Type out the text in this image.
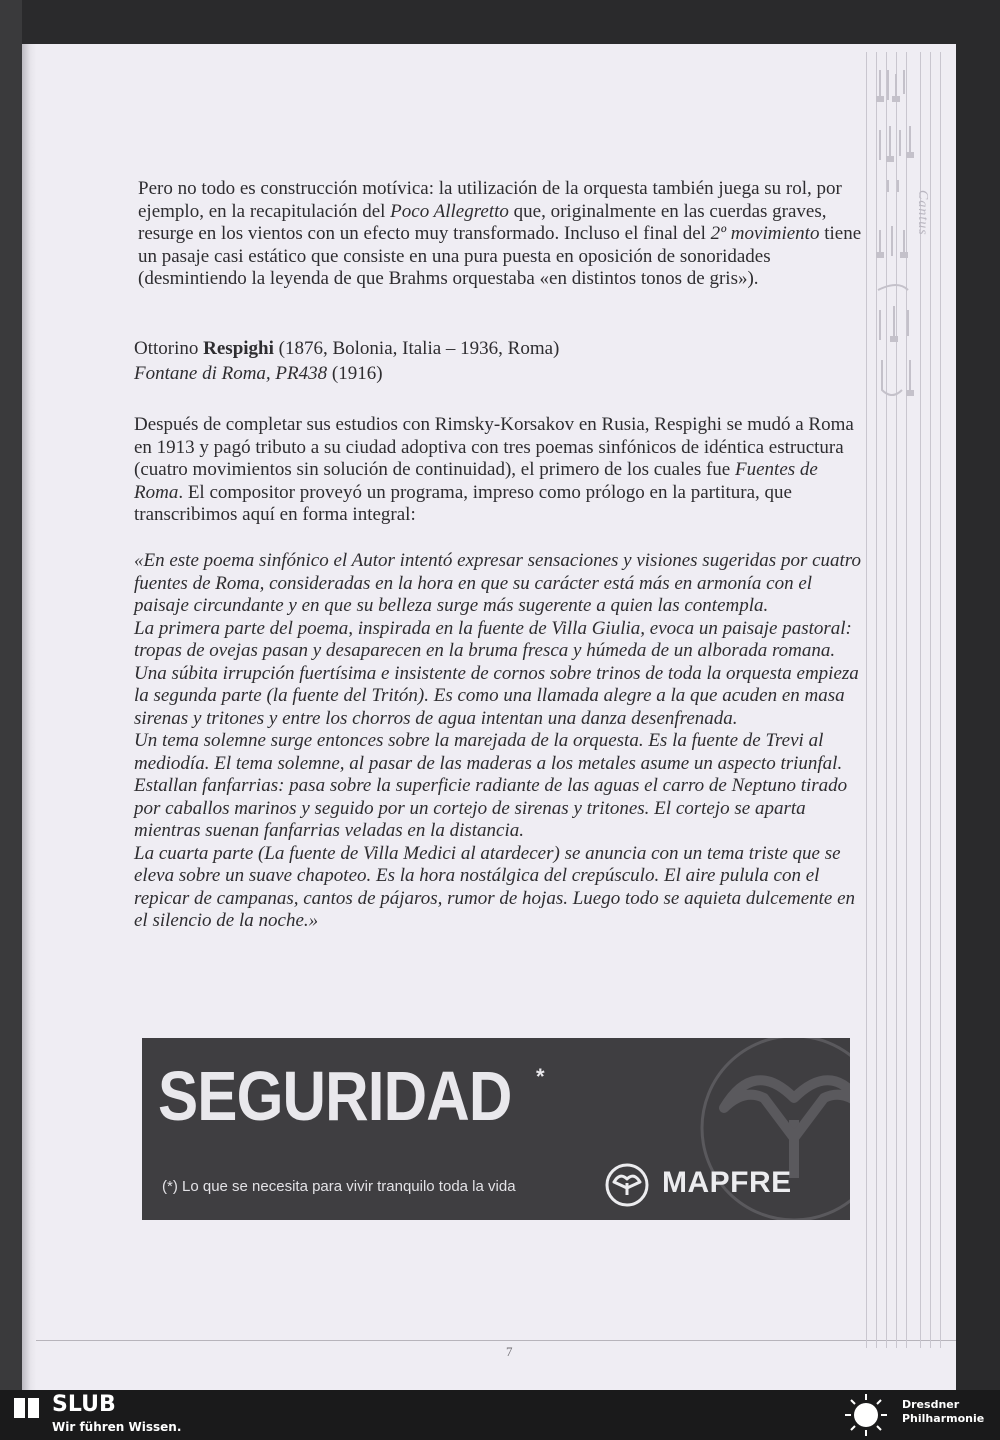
Cantus

Pero no todo es construcción motívica: la utilización de la orquesta también juega su rol, por ejemplo, en la recapitulación del Poco Allegretto que, originalmente en las cuerdas graves, resurge en los vientos con un efecto muy transformado. Incluso el final del 2º movimiento tiene un pasaje casi estático que consiste en una pura puesta en oposición de sonoridades (desmintiendo la leyenda de que Brahms orquestaba «en distintos tonos de gris»).

Ottorino Respighi (1876, Bolonia, Italia – 1936, Roma)
Fontane di Roma, PR438 (1916)

Después de completar sus estudios con Rimsky-Korsakov en Rusia, Respighi se mudó a Roma en 1913 y pagó tributo a su ciudad adoptiva con tres poemas sinfónicos de idéntica estructura (cuatro movimientos sin solución de continuidad), el primero de los cuales fue Fuentes de Roma. El compositor proveyó un programa, impreso como prólogo en la partitura, que transcribimos aquí en forma integral:

«En este poema sinfónico el Autor intentó expresar sensaciones y visiones sugeridas por cuatro fuentes de Roma, consideradas en la hora en que su carácter está más en armonía con el paisaje circundante y en que su belleza surge más sugerente a quien las contempla.

La primera parte del poema, inspirada en la fuente de Villa Giulia, evoca un paisaje pastoral: tropas de ovejas pasan y desaparecen en la bruma fresca y húmeda de un alborada romana.

Una súbita irrupción fuertísima e insistente de cornos sobre trinos de toda la orquesta empieza la segunda parte (la fuente del Tritón). Es como una llamada alegre a la que acuden en masa sirenas y tritones y entre los chorros de agua intentan una danza desenfrenada.

Un tema solemne surge entonces sobre la marejada de la orquesta. Es la fuente de Trevi al mediodía. El tema solemne, al pasar de las maderas a los metales asume un aspecto triunfal. Estallan fanfarrias: pasa sobre la superficie radiante de las aguas el carro de Neptuno tirado por caballos marinos y seguido por un cortejo de sirenas y tritones. El cortejo se aparta mientras suenan fanfarrias veladas en la distancia.

La cuarta parte (La fuente de Villa Medici al atardecer) se anuncia con un tema triste que se eleva sobre un suave chapoteo. Es la hora nostálgica del crepúsculo. El aire pulula con el repicar de campanas, cantos de pájaros, rumor de hojas. Luego todo se aquieta dulcemente en el silencio de la noche.»

SEGURIDAD *
(*) Lo que se necesita para vivir tranquilo toda la vida	MAPFRE
7
SLUB
Wir führen Wissen.
Dresdner
Philharmonie
